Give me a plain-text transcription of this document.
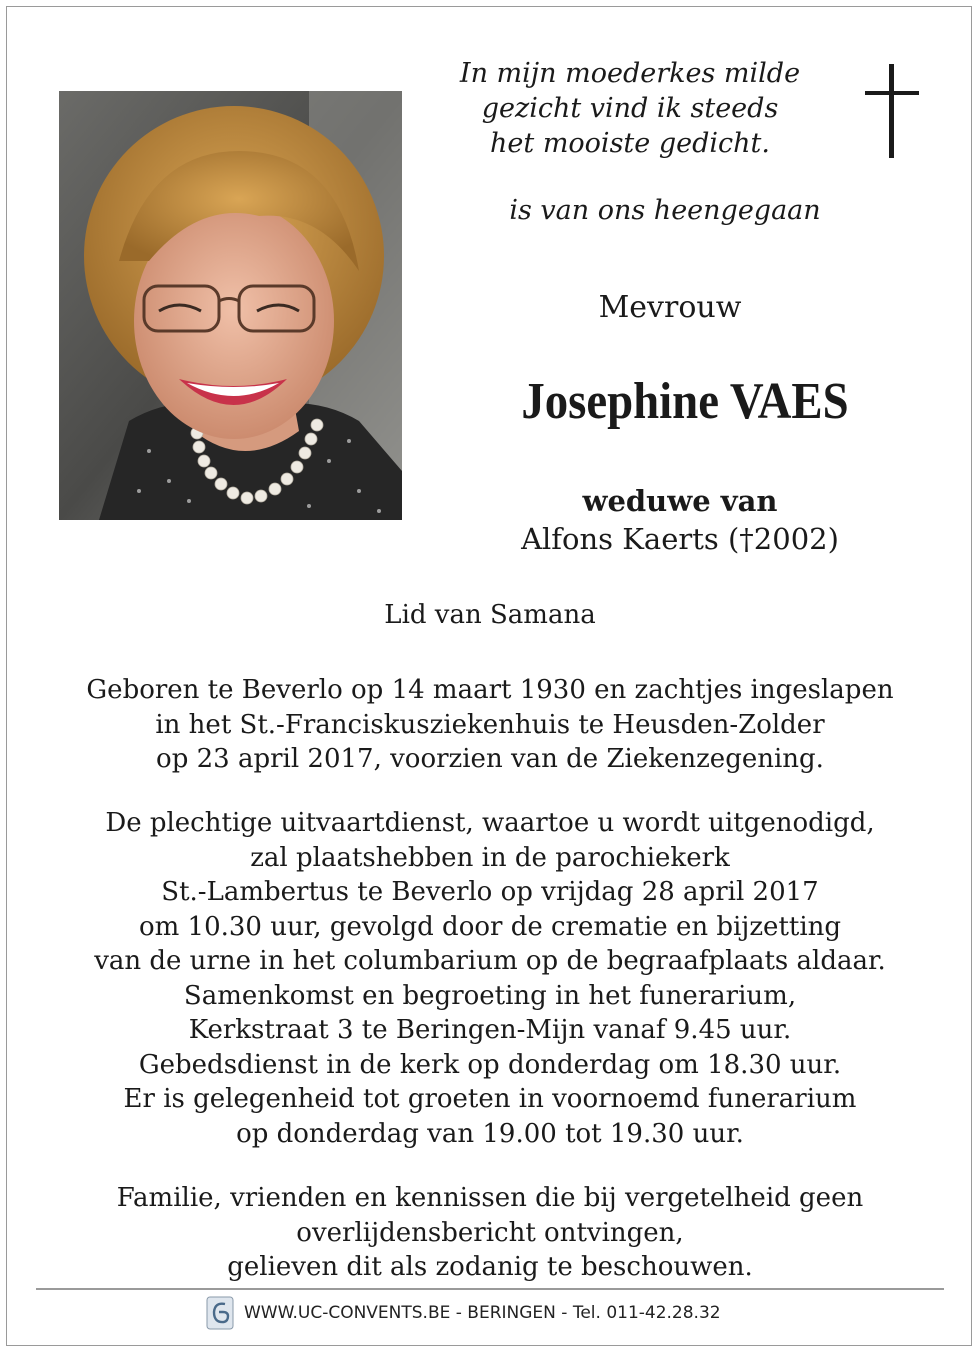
In mijn moederkes milde
gezicht vind ik steeds
het mooiste gedicht.
is van ons heengegaan
Mevrouw
Josephine VAES
weduwe van
Alfons Kaerts (†2002)
Lid van Samana
Geboren te Beverlo op 14 maart 1930 en zachtjes ingeslapen
in het St.-Franciskusziekenhuis te Heusden-Zolder
op 23 april 2017, voorzien van de Ziekenzegening.
De plechtige uitvaartdienst, waartoe u wordt uitgenodigd,
zal plaatshebben in de parochiekerk
St.-Lambertus te Beverlo op vrijdag 28 april 2017
om 10.30 uur, gevolgd door de crematie en bijzetting
van de urne in het columbarium op de begraafplaats aldaar.
Samenkomst en begroeting in het funerarium,
Kerkstraat 3 te Beringen-Mijn vanaf 9.45 uur.
Gebedsdienst in de kerk op donderdag om 18.30 uur.
Er is gelegenheid tot groeten in voornoemd funerarium
op donderdag van 19.00 tot 19.30 uur.
Familie, vrienden en kennissen die bij vergetelheid geen
overlijdensbericht ontvingen,
gelieven dit als zodanig te beschouwen.
WWW.UC-CONVENTS.BE - BERINGEN - Tel. 011-42.28.32
